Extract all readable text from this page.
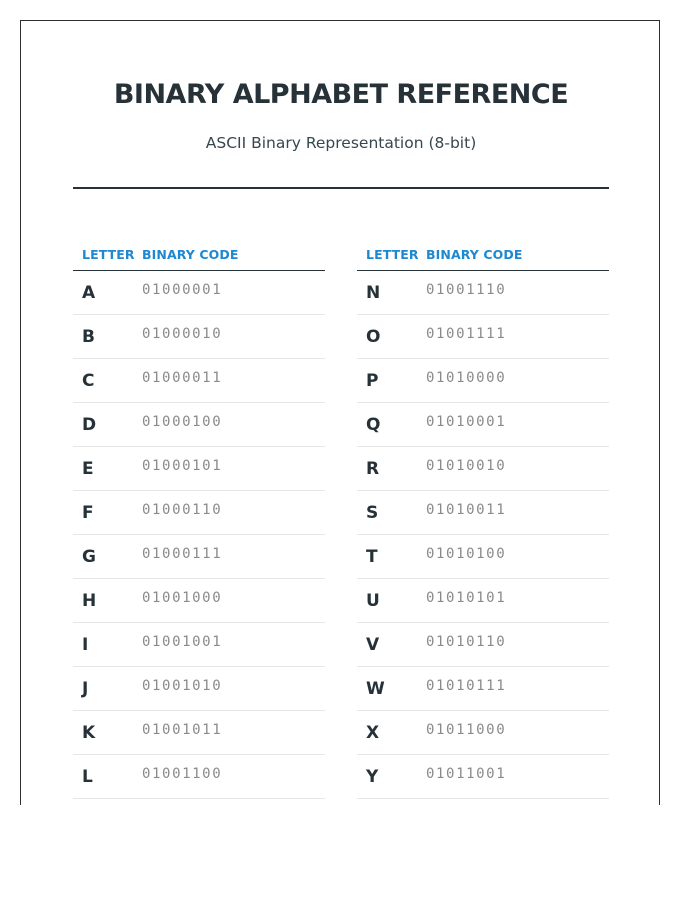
BINARY ALPHABET REFERENCE
ASCII Binary Representation (8-bit)
LETTER BINARY CODE
A	01000001
B	01000010
C	01000011
D	01000100
E	01000101
F	01000110
G	01000111
H	01001000
I	01001001
J	01001010
K	01001011
L	01001100
LETTER BINARY CODE
N	01001110
O	01001111
P	01010000
Q	01010001
R	01010010
S	01010011
T	01010100
U	01010101
V	01010110
W	01010111
X	01011000
Y	01011001
